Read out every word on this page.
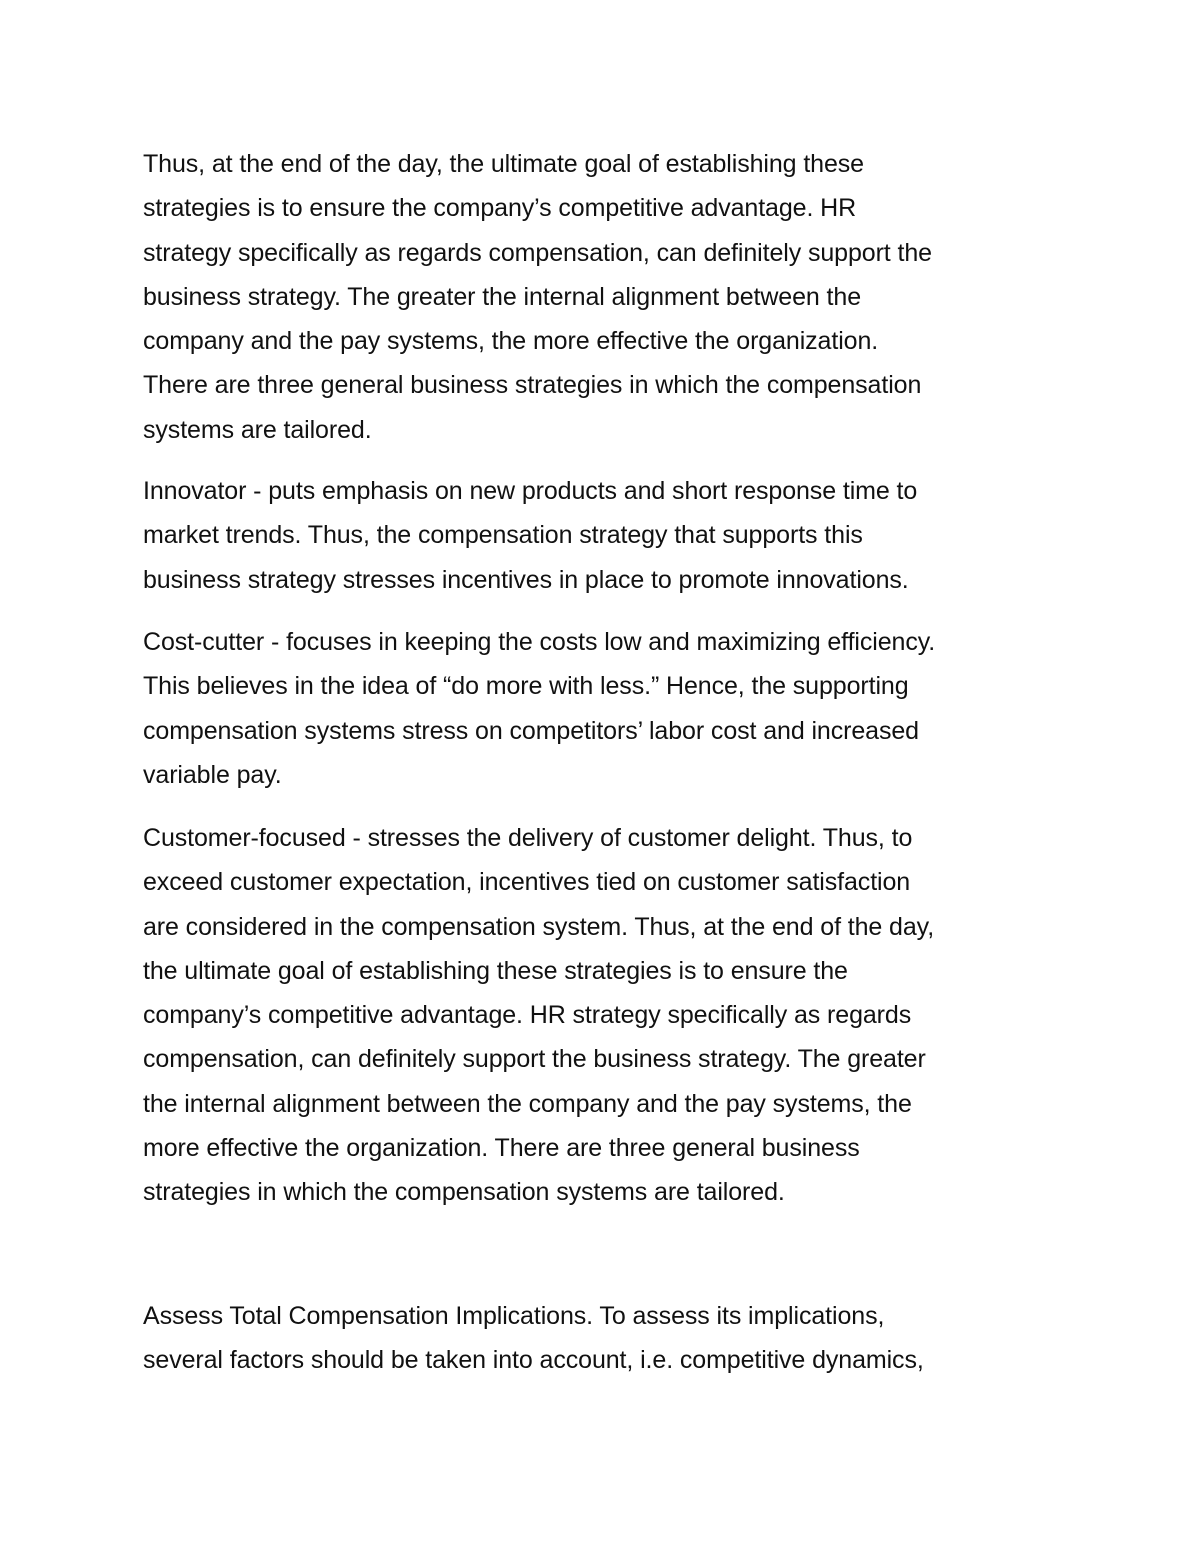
Thus, at the end of the day, the ultimate goal of establishing these
strategies is to ensure the company’s competitive advantage. HR
strategy specifically as regards compensation, can definitely support the
business strategy. The greater the internal alignment between the
company and the pay systems, the more effective the organization.
There are three general business strategies in which the compensation
systems are tailored.

Innovator - puts emphasis on new products and short response time to
market trends. Thus, the compensation strategy that supports this
business strategy stresses incentives in place to promote innovations.

Cost-cutter - focuses in keeping the costs low and maximizing efficiency.
This believes in the idea of “do more with less.” Hence, the supporting
compensation systems stress on competitors’ labor cost and increased
variable pay.

Customer-focused - stresses the delivery of customer delight. Thus, to
exceed customer expectation, incentives tied on customer satisfaction
are considered in the compensation system. Thus, at the end of the day,
the ultimate goal of establishing these strategies is to ensure the
company’s competitive advantage. HR strategy specifically as regards
compensation, can definitely support the business strategy. The greater
the internal alignment between the company and the pay systems, the
more effective the organization. There are three general business
strategies in which the compensation systems are tailored.

Assess Total Compensation Implications. To assess its implications,
several factors should be taken into account, i.e. competitive dynamics,
